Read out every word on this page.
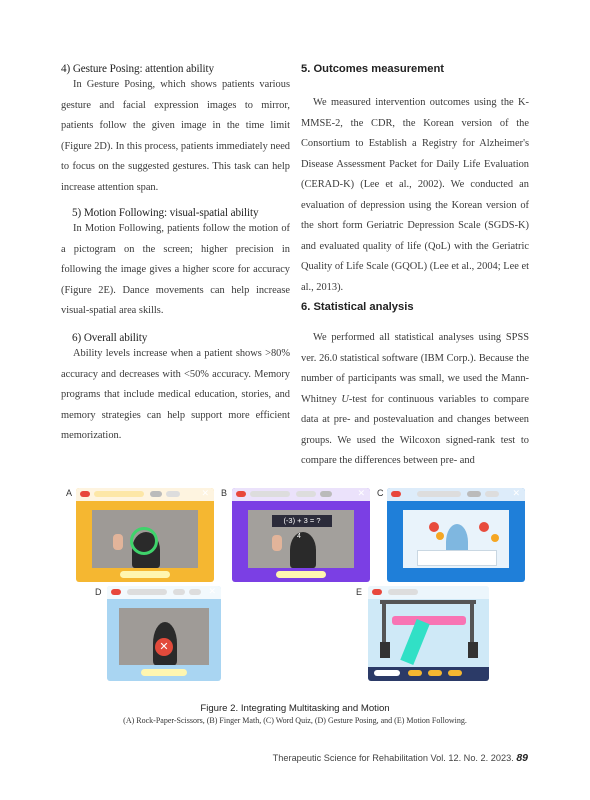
4) Gesture Posing: attention ability
In Gesture Posing, which shows patients various gesture and facial expression images to mirror, patients follow the given image in the time limit (Figure 2D). In this process, patients immediately need to focus on the suggested gestures. This task can help increase attention span.
5) Motion Following: visual-spatial ability
In Motion Following, patients follow the motion of a pictogram on the screen; higher precision in following the image gives a higher score for accuracy (Figure 2E). Dance movements can help increase visual-spatial area skills.
6) Overall ability
Ability levels increase when a patient shows >80% accuracy and decreases with <50% accuracy. Memory programs that include medical education, stories, and memory strategies can help support more efficient memorization.
5. Outcomes measurement
We measured intervention outcomes using the K-MMSE-2, the CDR, the Korean version of the Consortium to Establish a Registry for Alzheimer's Disease Assessment Packet for Daily Life Evaluation (CERAD-K) (Lee et al., 2002). We conducted an evaluation of depression using the Korean version of the short form Geriatric Depression Scale (SGDS-K) and evaluated quality of life (QoL) with the Geriatric Quality of Life Scale (GQOL) (Lee et al., 2004; Lee et al., 2013).
6. Statistical analysis
We performed all statistical analyses using SPSS ver. 26.0 statistical software (IBM Corp.). Because the number of participants was small, we used the Mann-Whitney U-test for continuous variables to compare data at pre- and postevaluation and changes between groups. We used the Wilcoxon signed-rank test to compare the differences between pre- and
A	B	C
D	E
✕	✕
(-3) + 3 = ?
4
✕
✕
✕
Figure 2. Integrating Multitasking and Motion
(A) Rock-Paper-Scissors, (B) Finger Math, (C) Word Quiz, (D) Gesture Posing, and (E) Motion Following.
Therapeutic Science for Rehabilitation Vol. 12. No. 2. 2023. 89
